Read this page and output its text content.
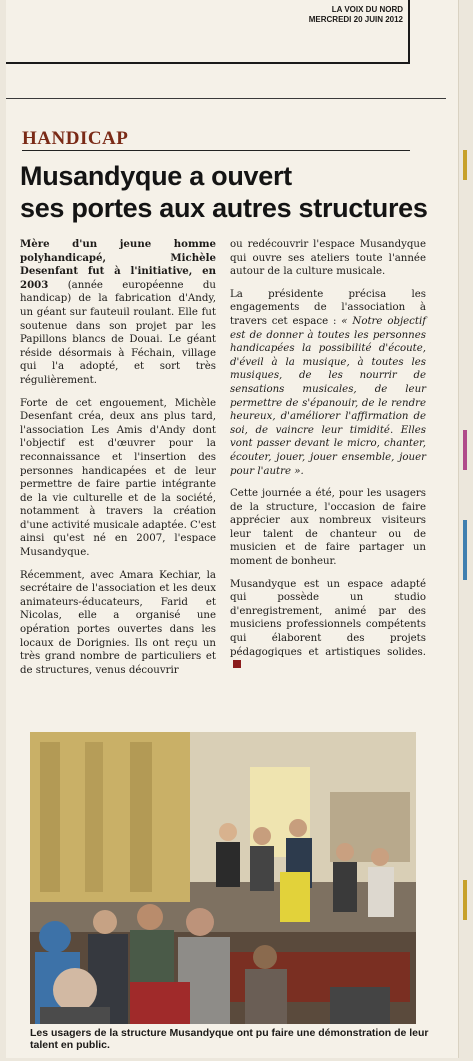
LA VOIX DU NORD
MERCREDI 20 JUIN 2012
HANDICAP
Musandyque a ouvert
ses portes aux autres structures

Mère d'un jeune homme polyhandicapé, Michèle Desenfant fut à l'initiative, en 2003 (année européenne du handicap) de la fabrication d'Andy, un géant sur fauteuil roulant. Elle fut soutenue dans son projet par les Papillons blancs de Douai. Le géant réside désormais à Féchain, village qui l'a adopté, et sort très régulièrement.

Forte de cet engouement, Michèle Desenfant créa, deux ans plus tard, l'association Les Amis d'Andy dont l'objectif est d'œuvrer pour la reconnaissance et l'insertion des personnes handicapées et de leur permettre de faire partie intégrante de la vie culturelle et de la société, notamment à travers la création d'une activité musicale adaptée. C'est ainsi qu'est né en 2007, l'espace Musandyque.

Récemment, avec Amara Kechiar, la secrétaire de l'association et les deux animateurs-éducateurs, Farid et Nicolas, elle a organisé une opération portes ouvertes dans les locaux de Dorignies. Ils ont reçu un très grand nombre de particuliers et de structures, venus découvrir

ou redécouvrir l'espace Musandyque qui ouvre ses ateliers toute l'année autour de la culture musicale.

La présidente précisa les engagements de l'association à travers cet espace : « Notre objectif est de donner à toutes les personnes handicapées la possibilité d'écoute, d'éveil à la musique, à toutes les musiques, de les nourrir de sensations musicales, de leur permettre de s'épanouir, de le rendre heureux, d'améliorer l'affirmation de soi, de vaincre leur timidité. Elles vont passer devant le micro, chanter, écouter, jouer, jouer ensemble, jouer pour l'autre ».

Cette journée a été, pour les usagers de la structure, l'occasion de faire apprécier aux nombreux visiteurs leur talent de chanteur ou de musicien et de faire partager un moment de bonheur.

Musandyque est un espace adapté qui possède un studio d'enregistrement, animé par des musiciens professionnels compétents qui élaborent des projets pédagogiques et artistiques solides.

Les usagers de la structure Musandyque ont pu faire une démonstration de leur talent en public.
